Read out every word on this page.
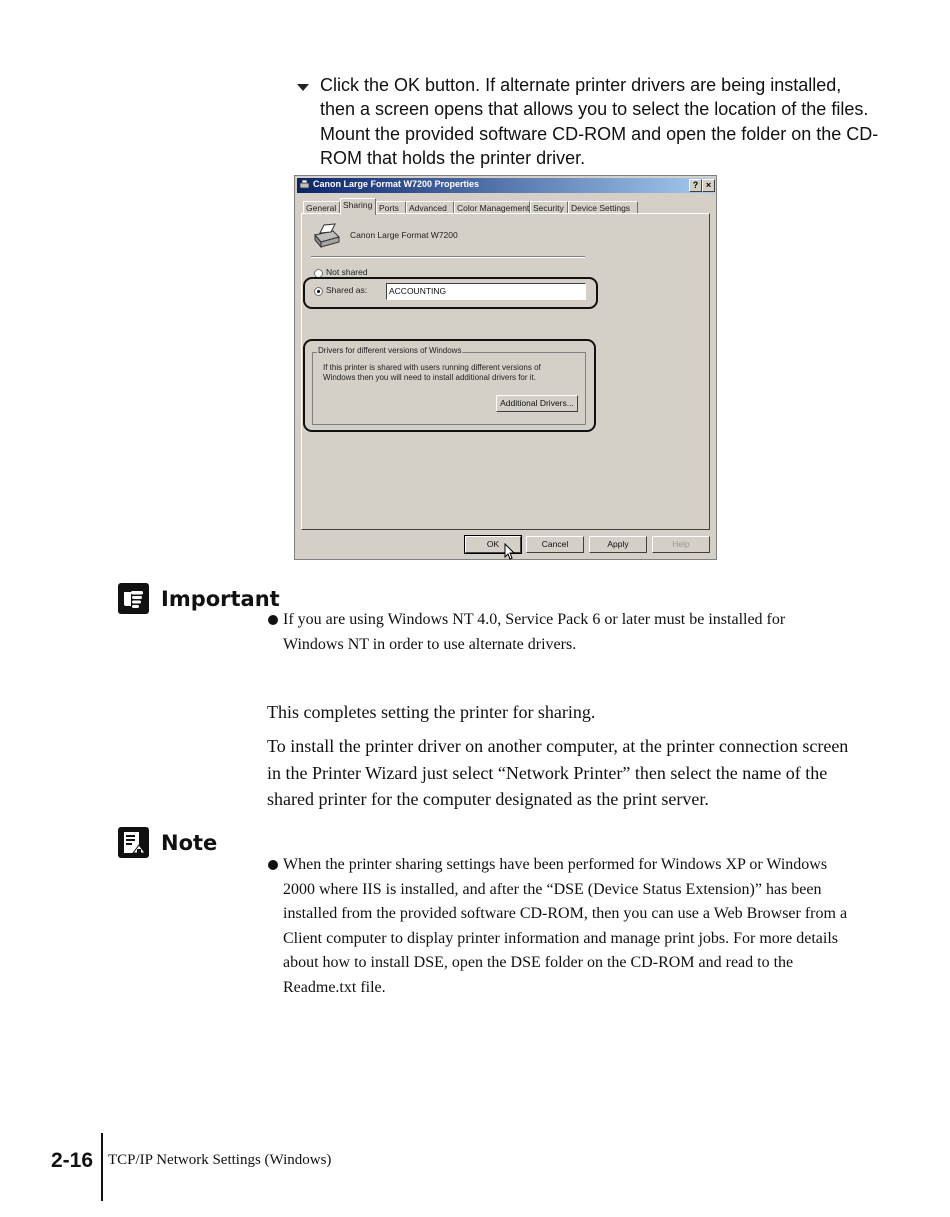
Click the OK button. If alternate printer drivers are being installed, then a screen opens that allows you to select the location of the files. Mount the provided software CD-ROM and open the folder on the CD-ROM that holds the printer driver.

Canon Large Format W7200 Properties	? ×
General Sharing Ports	Advanced	Color Management Security Device Settings
Canon Large Format W7200
Not shared
Shared as:	ACCOUNTING
Drivers for different versions of Windows

If this printer is shared with users running different versions of Windows then you will need to install additional drivers for it.

Additional Drivers...
OK	Cancel	Apply	Help
Important

If you are using Windows NT 4.0, Service Pack 6 or later must be installed for Windows NT in order to use alternate drivers.

This completes setting the printer for sharing.

To install the printer driver on another computer, at the printer connection screen in the Printer Wizard just select “Network Printer” then select the name of the shared printer for the computer designated as the print server.

Note

When the printer sharing settings have been performed for Windows XP or Windows 2000 where IIS is installed, and after the “DSE (Device Status Extension)” has been installed from the provided software CD-ROM, then you can use a Web Browser from a Client computer to display printer information and manage print jobs. For more details about how to install DSE, open the DSE folder on the CD-ROM and read to the Readme.txt file.

2-16 TCP/IP Network Settings (Windows)
